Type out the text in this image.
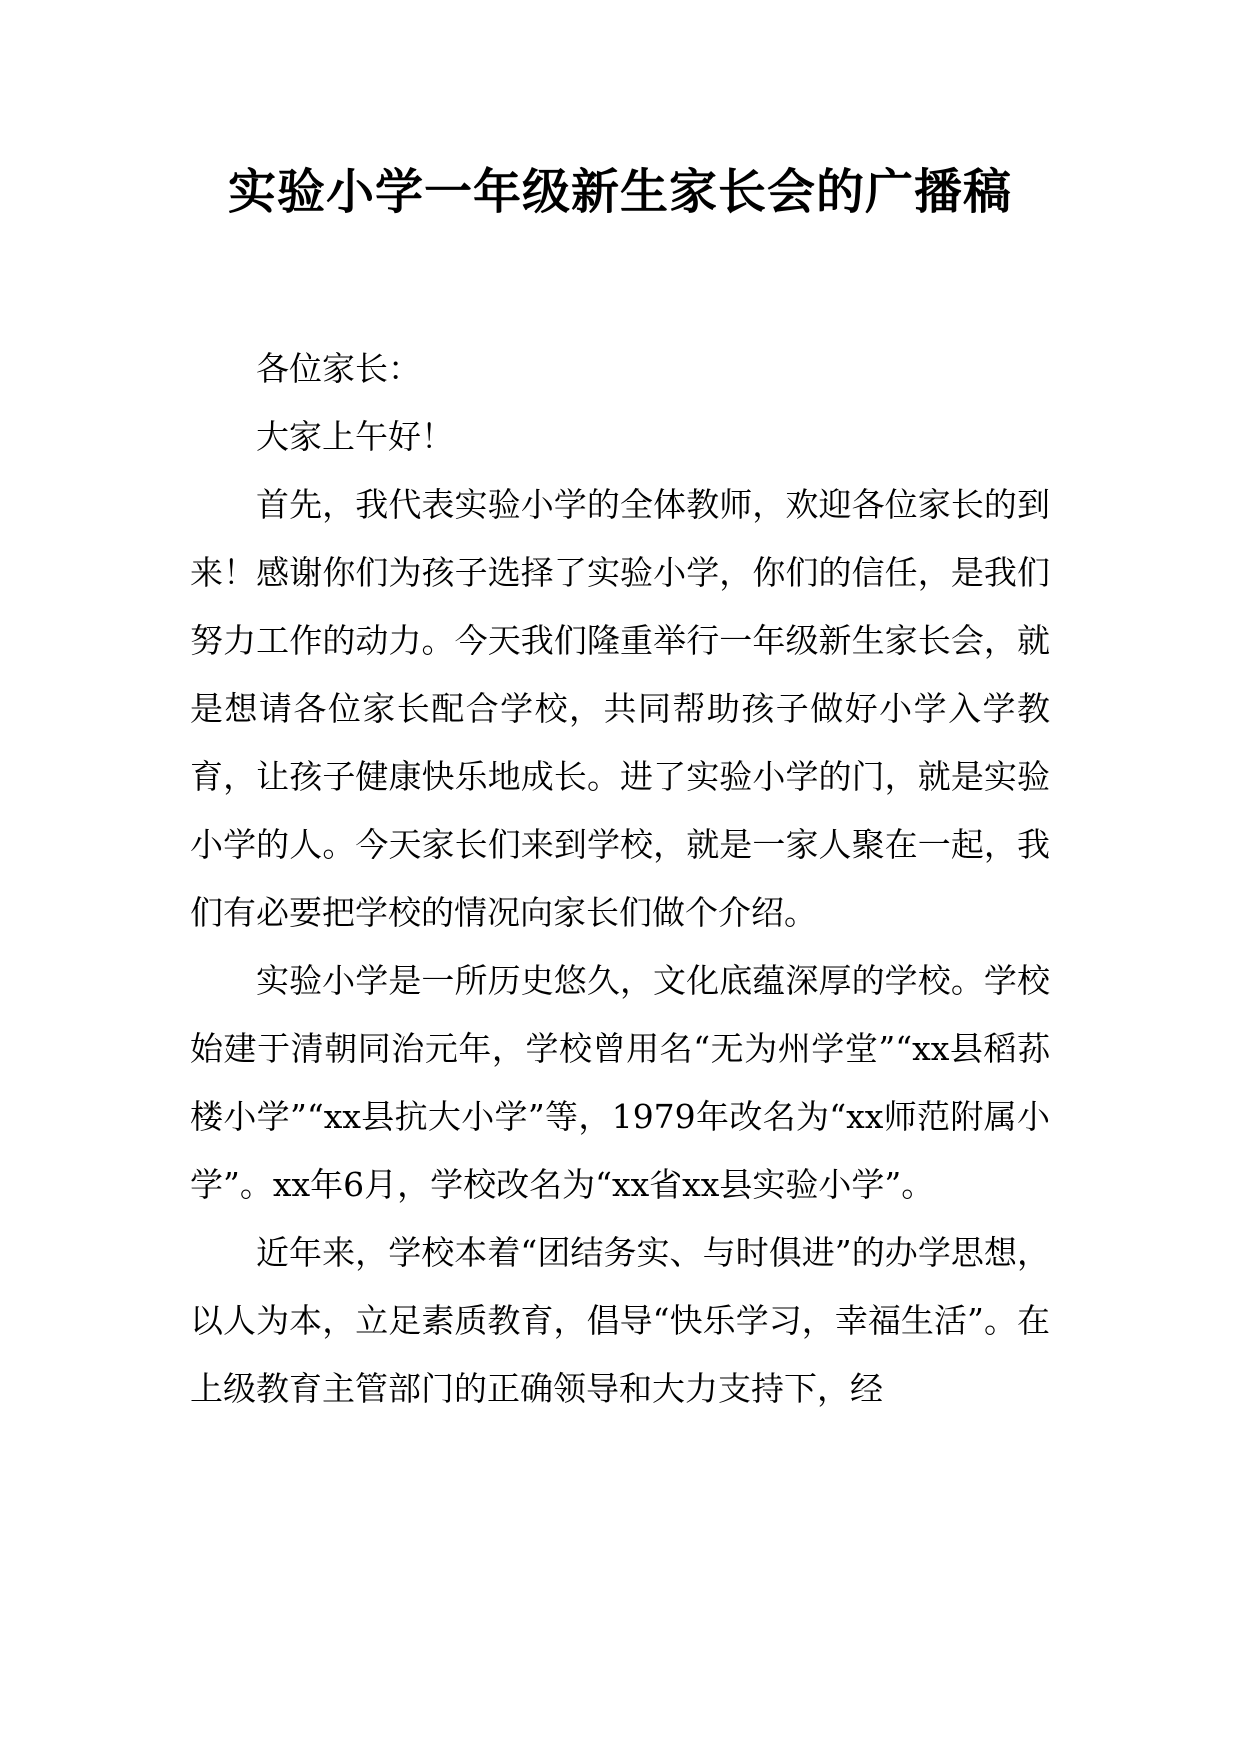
实验小学一年级新生家长会的广播稿

各位家长：

大家上午好！

首先，我代表实验小学的全体教师，欢迎各位家长的到来！感谢你们为孩子选择了实验小学，你们的信任，是我们努力工作的动力。今天我们隆重举行一年级新生家长会，就是想请各位家长配合学校，共同帮助孩子做好小学入学教育，让孩子健康快乐地成长。进了实验小学的门，就是实验小学的人。今天家长们来到学校，就是一家人聚在一起，我们有必要把学校的情况向家长们做个介绍。

实验小学是一所历史悠久，文化底蕴深厚的学校。学校始建于清朝同治元年，学校曾用名“无为州学堂”“xx县稻荪楼小学”“xx县抗大小学”等，1979年改名为“xx师范附属小学”。xx年6月，学校改名为“xx省xx县实验小学”。

近年来，学校本着“团结务实、与时俱进”的办学思想，以人为本，立足素质教育，倡导“快乐学习，幸福生活”。在上级教育主管部门的正确领导和大力支持下，经
